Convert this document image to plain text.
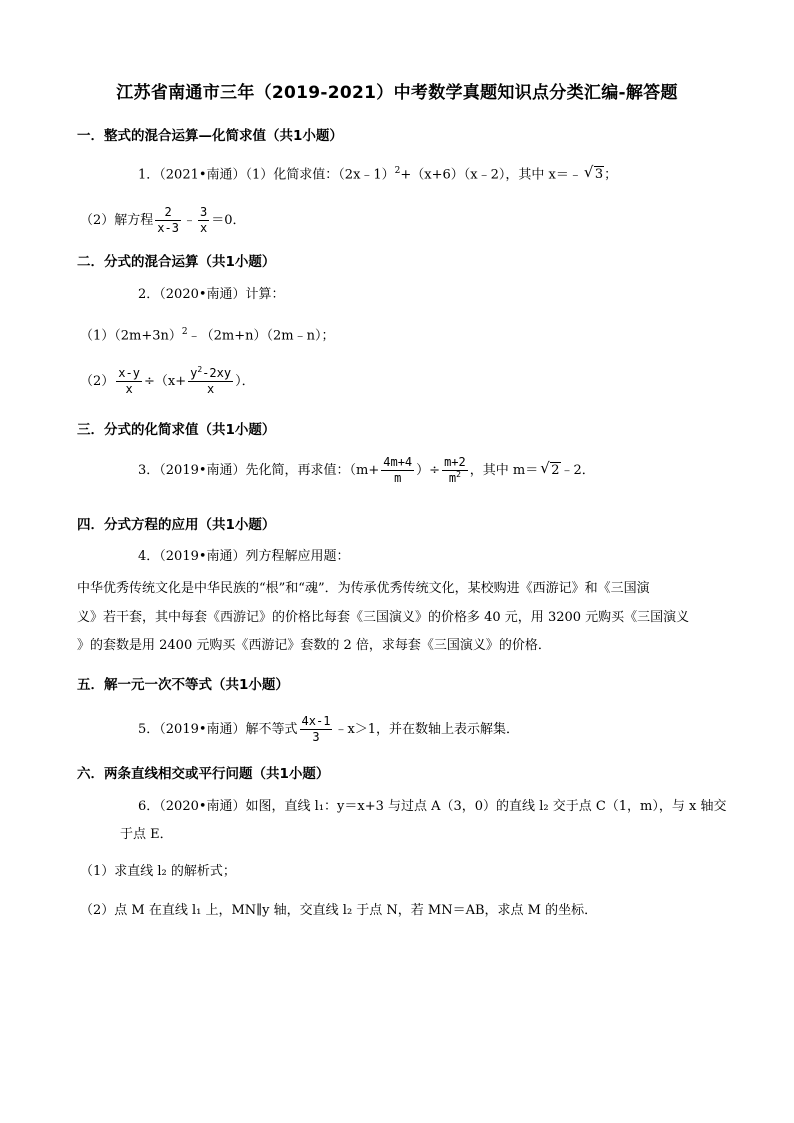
江苏省南通市三年（2019-2021）中考数学真题知识点分类汇编-解答题
一．整式的混合运算—化简求值（共1小题）
1．（2021•南通）（1）化简求值：（2x﹣1）$^2$+（x+6）（x﹣2），其中 x＝﹣ √ 3；
（2）解方程 $\frac{2}{x-3}$ ﹣ $\frac{3}{x} =0$．
二．分式的混合运算（共1小题）
2．（2020•南通）计算：
$(1)(2m+3n)^2﹣(2m+n)(2m﹣n)$；
$(2) \frac{x-y}{x} \div(x+ \frac{y^2-2xy}{x}$ ）．
三．分式的化简求值（共1小题）
3．（2019•南通）先化简，再求值：（$m+ \frac{4m+4}{m}$ ）÷ $\frac{m+2}{m^2}$ ，其中 m＝ √ 2﹣2．
四．分式方程的应用（共1小题）
4．（2019•南通）列方程解应用题：
中华优秀传统文化是中华民族的“根”和“魂”．为传承优秀传统文化，某校购进《西游记》和《三国演
义》若干套，其中每套《西游记》的价格比每套《三国演义》的价格多 40 元，用 3200 元购买《三国演义
》的套数是用 2400 元购买《西游记》套数的 2 倍，求每套《三国演义》的价格．
五．解一元一次不等式（共1小题）
5．（2019•南通）解不等式 $\frac{4x-1}{3}$ ﹣x＞1，并在数轴上表示解集．
六．两条直线相交或平行问题（共1小题）
6．（2020•南通）如图，直线 l₁：y＝x+3 与过点 A（3，0）的直线 l₂ 交于点 C（1，m），与 x 轴交
于点 E．
（1）求直线 l₂ 的解析式；
（2）点 M 在直线 l₁ 上，MN∥y 轴，交直线 l₂ 于点 N，若 MN＝AB，求点 M 的坐标．
